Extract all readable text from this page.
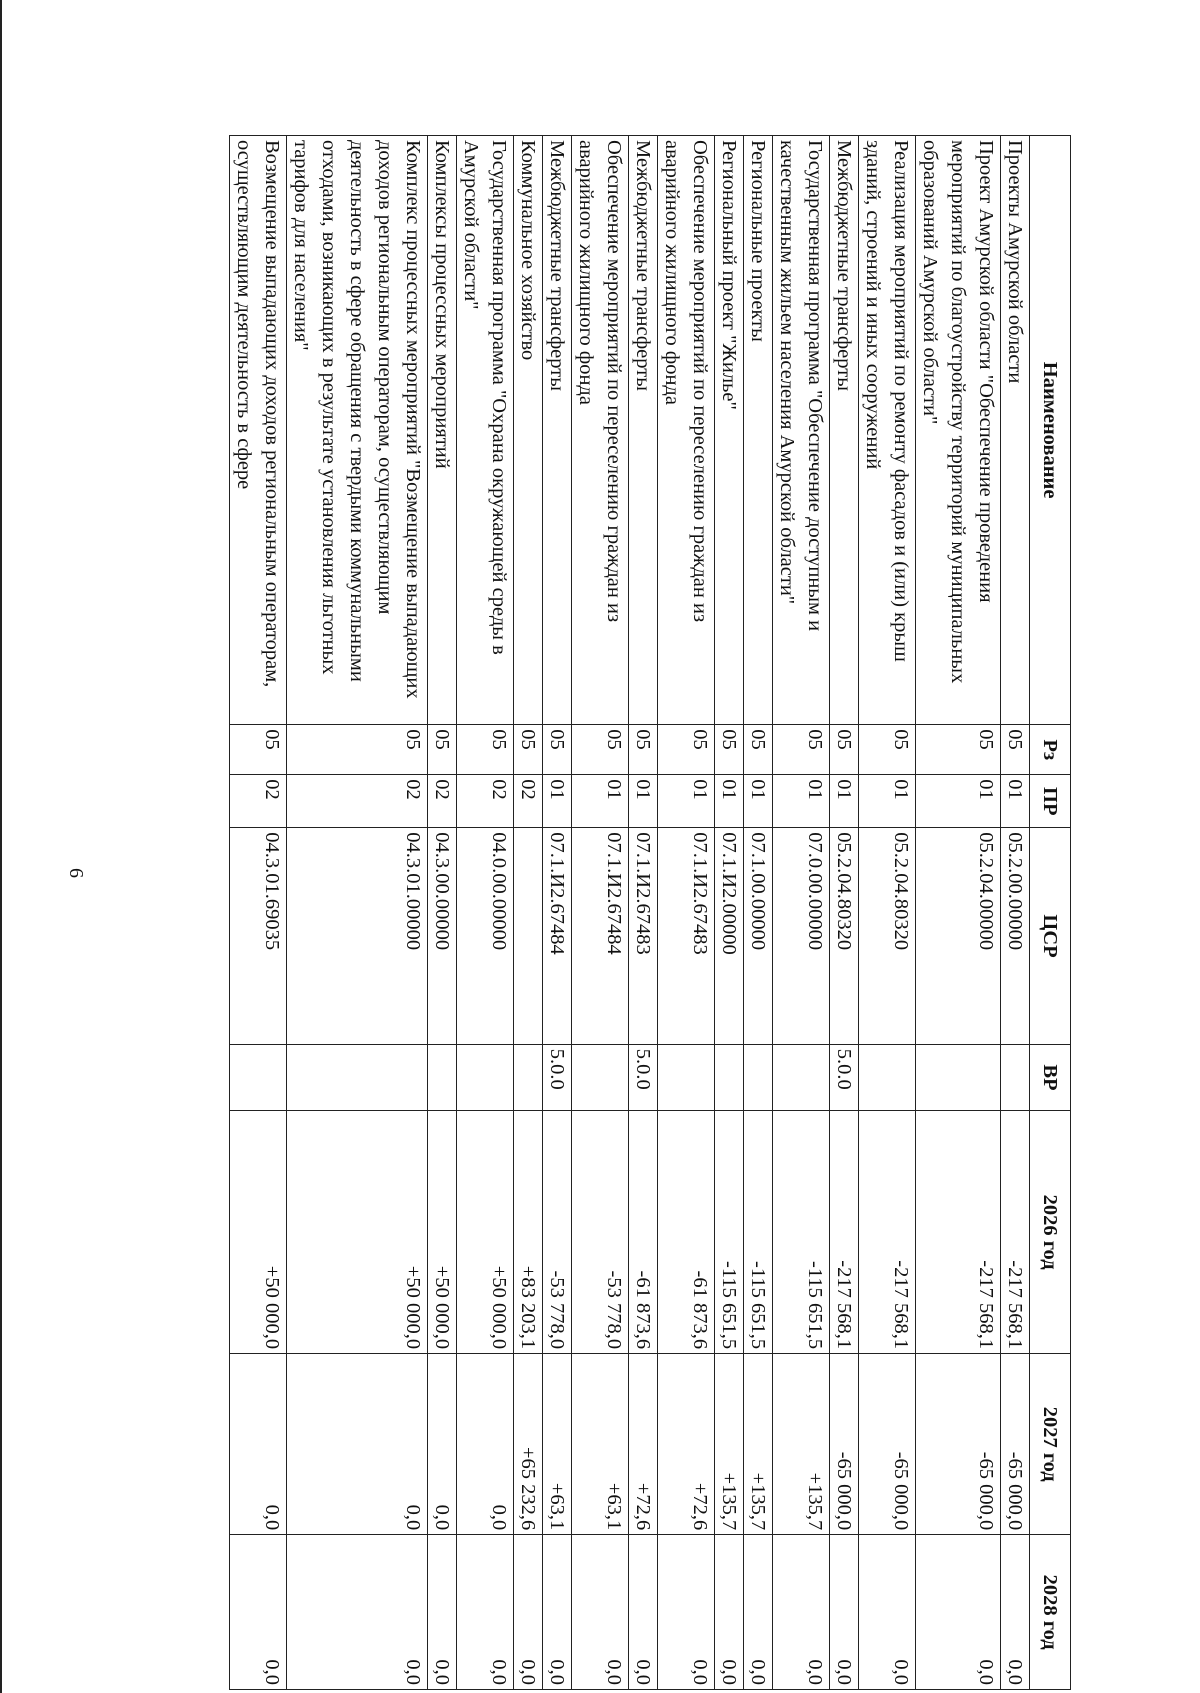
6
Наименование	Рз	ПР	ЦСР	ВР	2026 год	2027 год	2028 год
Проекты Амурской области	05	01	05.2.00.00000		-217 568,1	-65 000,0	0,0
Проект Амурской области "Обеспечение проведения мероприятий по благоустройству территорий муниципальных образований Амурской области"	05	01	05.2.04.00000		-217 568,1	-65 000,0	0,0
Реализация мероприятий по ремонту фасадов и (или) крыш зданий, строений и иных сооружений	05	01	05.2.04.80320		-217 568,1	-65 000,0	0,0
Межбюджетные трансферты	05	01	05.2.04.80320	5.0.0	-217 568,1	-65 000,0	0,0
Государственная программа "Обеспечение доступным и качественным жильем населения Амурской области"	05	01	07.0.00.00000		-115 651,5	+135,7	0,0
Региональные проекты	05	01	07.1.00.00000		-115 651,5	+135,7	0,0
Региональный проект "Жилье"	05	01	07.1.И2.00000		-115 651,5	+135,7	0,0
Обеспечение мероприятий по переселению граждан из аварийного жилищного фонда	05	01	07.1.И2.67483		-61 873,6	+72,6	0,0
Межбюджетные трансферты	05	01	07.1.И2.67483	5.0.0	-61 873,6	+72,6	0,0
Обеспечение мероприятий по переселению граждан из аварийного жилищного фонда	05	01	07.1.И2.67484		-53 778,0	+63,1	0,0
Межбюджетные трансферты	05	01	07.1.И2.67484	5.0.0	-53 778,0	+63,1	0,0
Коммунальное хозяйство	05	02			+83 203,1	+65 232,6	0,0
Государственная программа "Охрана окружающей среды в Амурской области"	05	02	04.0.00.00000		+50 000,0	0,0	0,0
Комплексы процессных мероприятий	05	02	04.3.00.00000		+50 000,0	0,0	0,0
Комплекс процессных мероприятий "Возмещение выпадающих доходов региональным операторам, осуществляющим деятельность в сфере обращения с твердыми коммунальными отходами, возникающих в результате установления льготных тарифов для населения"	05	02	04.3.01.00000		+50 000,0	0,0	0,0
Возмещение выпадающих доходов региональным операторам, осуществляющим деятельность в сфере	05	02	04.3.01.69035		+50 000,0	0,0	0,0
